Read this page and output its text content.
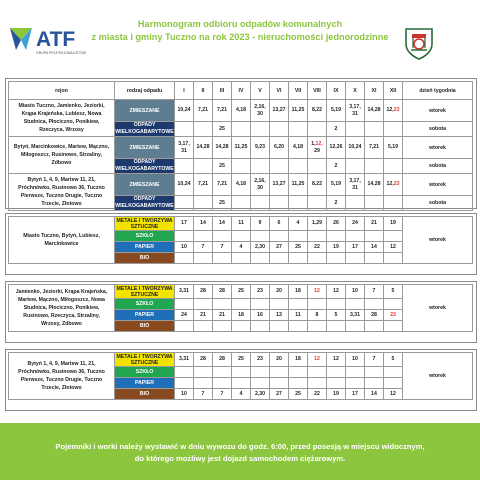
ATF
GRUPA PROFESJONALISTÓW
Harmonogram odbioru odpadów komunalnych
z miasta i gminy Tuczno na rok 2023 - nieruchomości jednorodzinne
rejon	rodzaj odpadu	I	II	III	IV	V	VI	VII	VIII	IX	X	XI	XII	dzień tygodnia
Miasto Tuczno, Jamienko, Jeziorki, Krąpa Krajeńska, Lubiesz, Nowa Studnica, Płociczno, Ponikiew, Rzeczyca, Wrzosy	ZMIESZANE	10,24	7,21	7,21	4,18	2,16, 30	13,27	11,25	8,22	5,19	3,17, 31	14,28	12,23	wtorek
	ODPADY WIELKOGABARYTOWE			25						2				sobota
Bytyń, Marcinkowice, Martew, Mączno, Miłogoszcz, Rusinowo, Strzaliny, Zdbowo	ZMIESZANE	3,17, 31	14,28	14,28	11,25	9,23	6,20	4,18	1,12, 29	12,26	10,24	7,21	5,19	wtorek
	ODPADY WIELKOGABARYTOWE			25						2				sobota
Bytyń 1, 4, 9, Martew 11, 21, Próchnówko, Rusinowo 36, Tuczno Pierwsze, Tuczno Drugie, Tuczno Trzecie, Złotowo	ZMIESZANE	10,24	7,21	7,21	4,18	2,16, 30	13,27	11,25	8,22	5,19	3,17, 31	14,28	12,23	wtorek
	ODPADY WIELKOGABARYTOWE			25						2				sobota
Miasto Tuczno, Bytyń, Lubiesz, Marcinkowice	METALE I TWORZYWA SZTUCZNE	17	14	14	11	9	6	4	1,29	26	24	21	19	wtorek
	SZKŁO													
	PAPIER	10	7	7	4	2,30	27	25	22	19	17	14	12	
	BIO													
Jamienko, Jeziorki, Krąpa Krajeńska, Martew, Mączno, Miłogoszcz, Nowa Studnica, Płociczno, Ponikiew, Rusinowo, Rzeczyca, Strzaliny, Wrzosy, Zdbowo	METALE I TWORZYWA SZTUCZNE	3,31	28	28	25	23	20	18	12	12	10	7	5	wtorek
	SZKŁO													
	PAPIER	24	21	21	18	16	13	11	8	5	3,31	28	23	
	BIO													
Bytyń 1, 4, 9, Martew 11, 21, Próchnówko, Rusinowo 36, Tuczno Pierwsze, Tuczno Drugie, Tuczno Trzecie, Złotowo	METALE I TWORZYWA SZTUCZNE	3,31	28	28	25	23	20	18	12	12	10	7	5	wtorek
	SZKŁO													
	PAPIER													
	BIO	10	7	7	4	2,30	27	25	22	19	17	14	12	
Pojemniki i worki należy wystawić w dniu wywozu do godz. 6:00, przed posesją w miejscu widocznym,
do którego możliwy jest dojazd samochodem ciężarowym.
